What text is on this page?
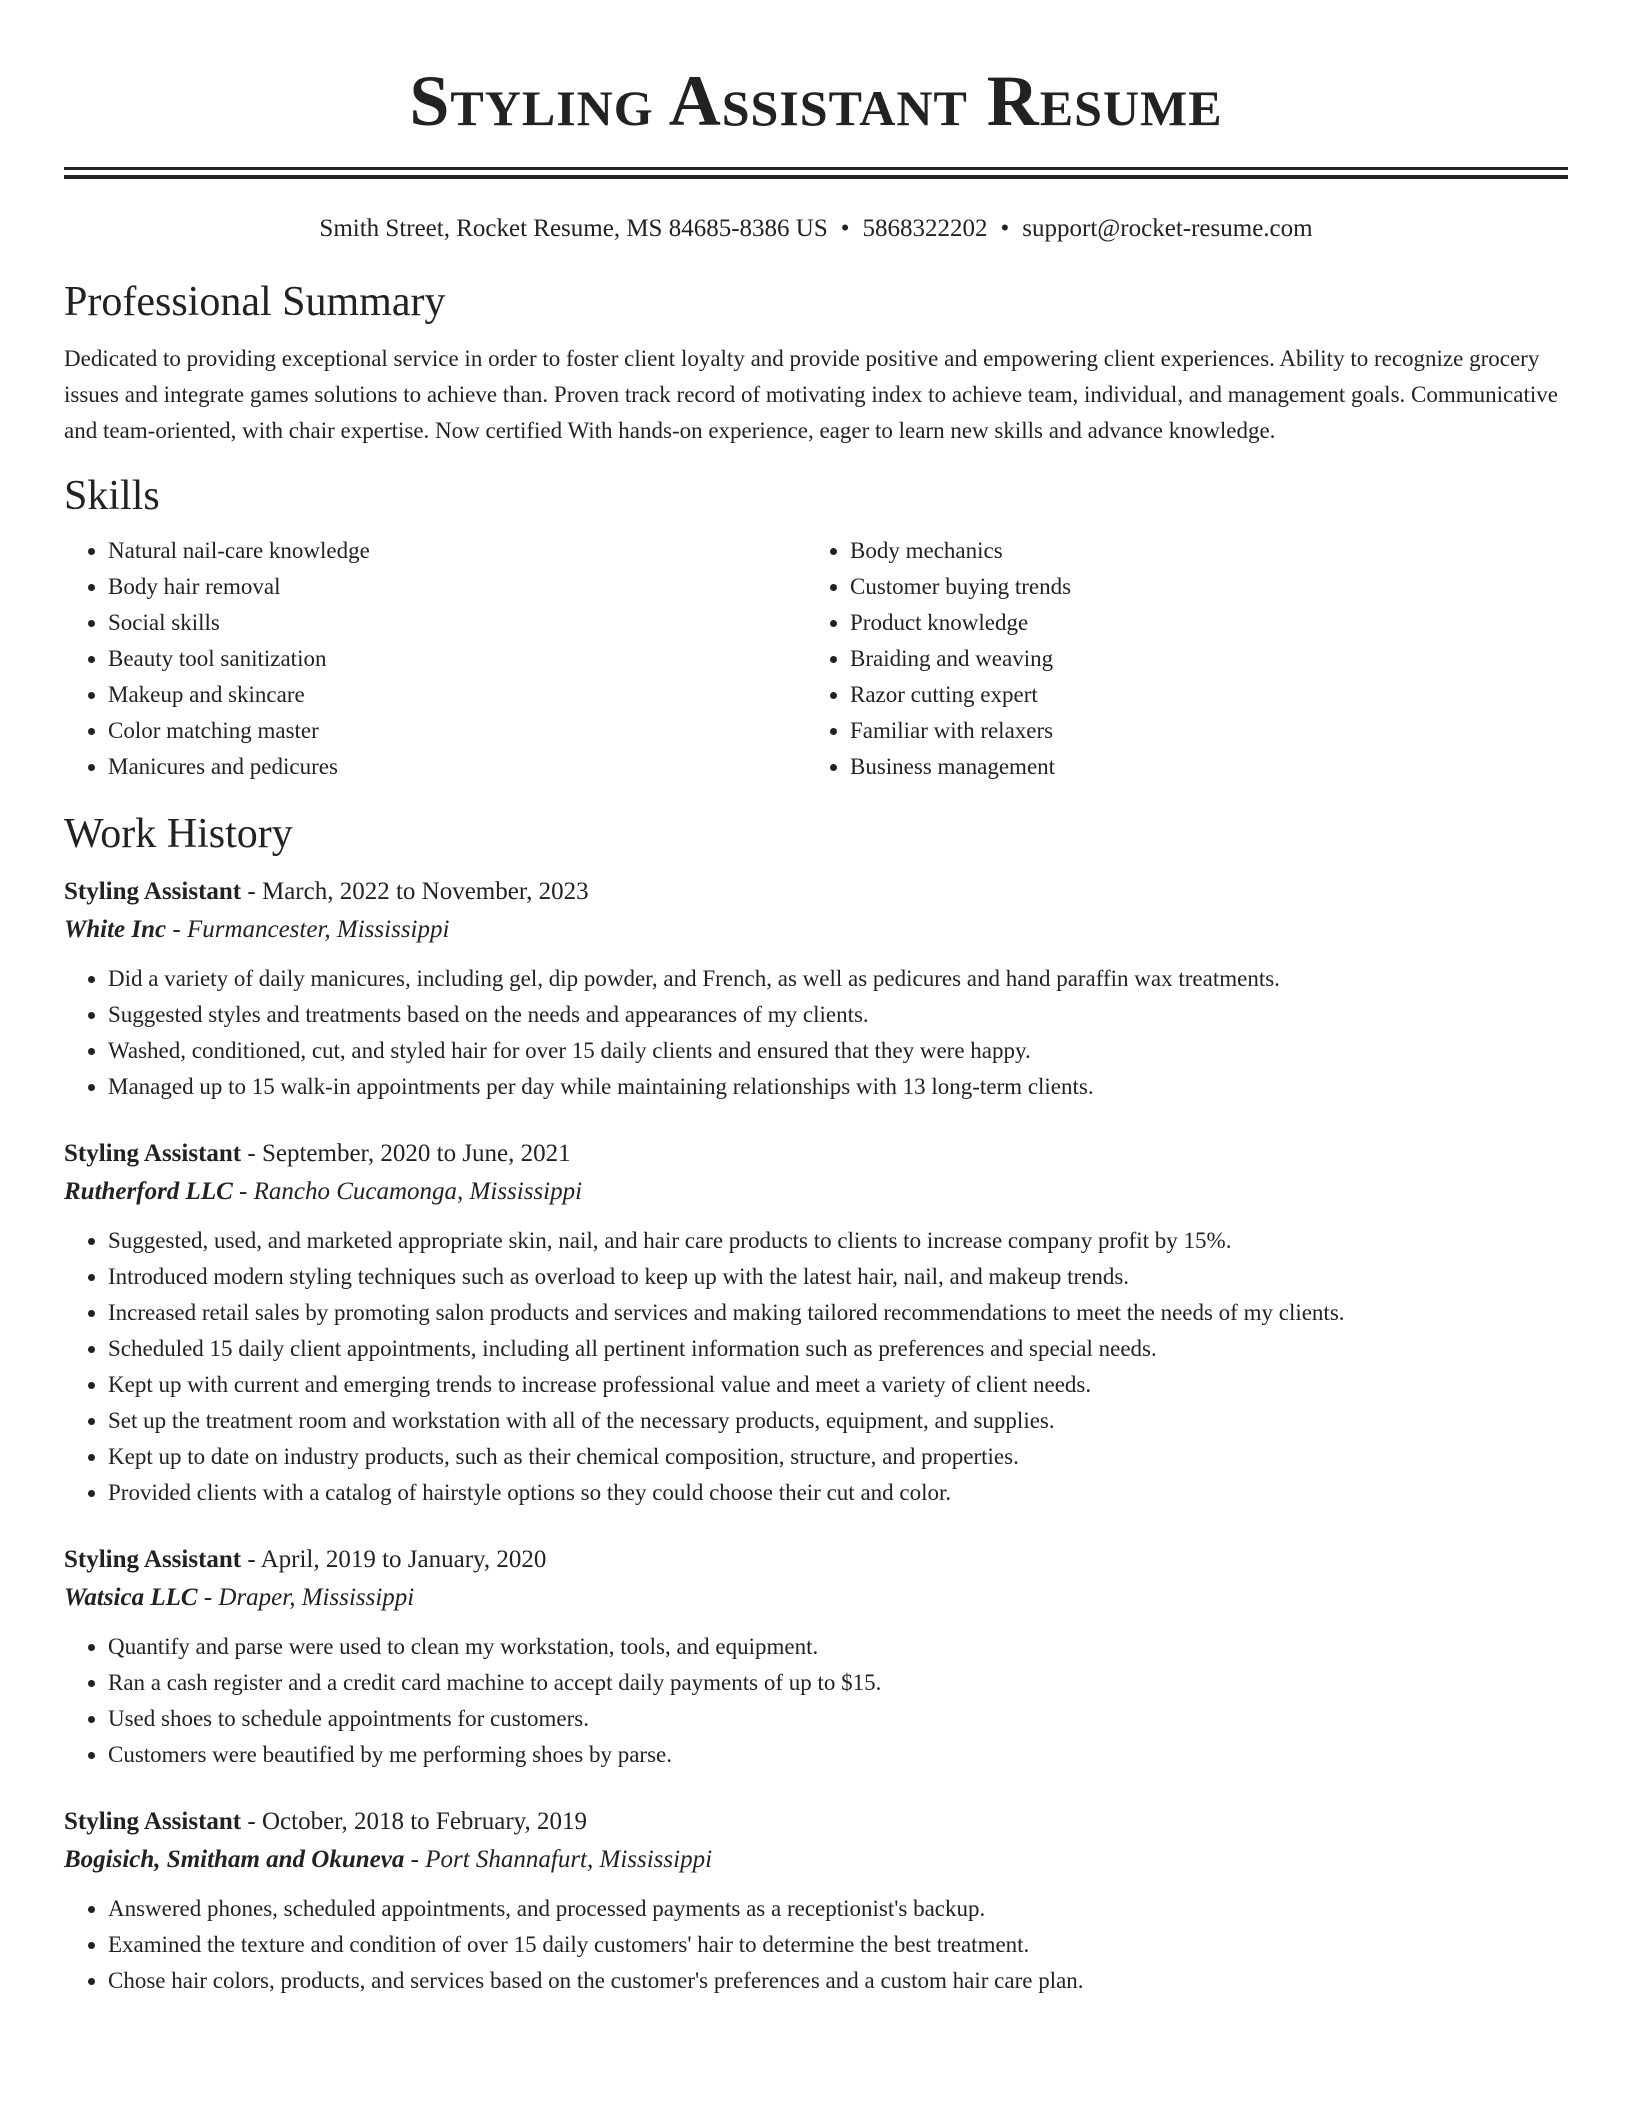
Styling Assistant Resume
Smith Street, Rocket Resume, MS 84685-8386 US • 5868322202 • support@rocket-resume.com
Professional Summary
Dedicated to providing exceptional service in order to foster client loyalty and provide positive and empowering client experiences. Ability to recognize grocery issues and integrate games solutions to achieve than. Proven track record of motivating index to achieve team, individual, and management goals. Communicative and team-oriented, with chair expertise. Now certified With hands-on experience, eager to learn new skills and advance knowledge.
Skills
• Natural nail-care knowledge
• Body hair removal
• Social skills
• Beauty tool sanitization
• Makeup and skincare
• Color matching master
• Manicures and pedicures
• Body mechanics
• Customer buying trends
• Product knowledge
• Braiding and weaving
• Razor cutting expert
• Familiar with relaxers
• Business management
Work History
Styling Assistant - March, 2022 to November, 2023
White Inc - Furmancester, Mississippi
• Did a variety of daily manicures, including gel, dip powder, and French, as well as pedicures and hand paraffin wax treatments.
• Suggested styles and treatments based on the needs and appearances of my clients.
• Washed, conditioned, cut, and styled hair for over 15 daily clients and ensured that they were happy.
• Managed up to 15 walk-in appointments per day while maintaining relationships with 13 long-term clients.
Styling Assistant - September, 2020 to June, 2021
Rutherford LLC - Rancho Cucamonga, Mississippi
• Suggested, used, and marketed appropriate skin, nail, and hair care products to clients to increase company profit by 15%.
• Introduced modern styling techniques such as overload to keep up with the latest hair, nail, and makeup trends.
• Increased retail sales by promoting salon products and services and making tailored recommendations to meet the needs of my clients.
• Scheduled 15 daily client appointments, including all pertinent information such as preferences and special needs.
• Kept up with current and emerging trends to increase professional value and meet a variety of client needs.
• Set up the treatment room and workstation with all of the necessary products, equipment, and supplies.
• Kept up to date on industry products, such as their chemical composition, structure, and properties.
• Provided clients with a catalog of hairstyle options so they could choose their cut and color.
Styling Assistant - April, 2019 to January, 2020
Watsica LLC - Draper, Mississippi
• Quantify and parse were used to clean my workstation, tools, and equipment.
• Ran a cash register and a credit card machine to accept daily payments of up to $15.
• Used shoes to schedule appointments for customers.
• Customers were beautified by me performing shoes by parse.
Styling Assistant - October, 2018 to February, 2019
Bogisich, Smitham and Okuneva - Port Shannafurt, Mississippi
• Answered phones, scheduled appointments, and processed payments as a receptionist's backup.
• Examined the texture and condition of over 15 daily customers' hair to determine the best treatment.
• Chose hair colors, products, and services based on the customer's preferences and a custom hair care plan.
